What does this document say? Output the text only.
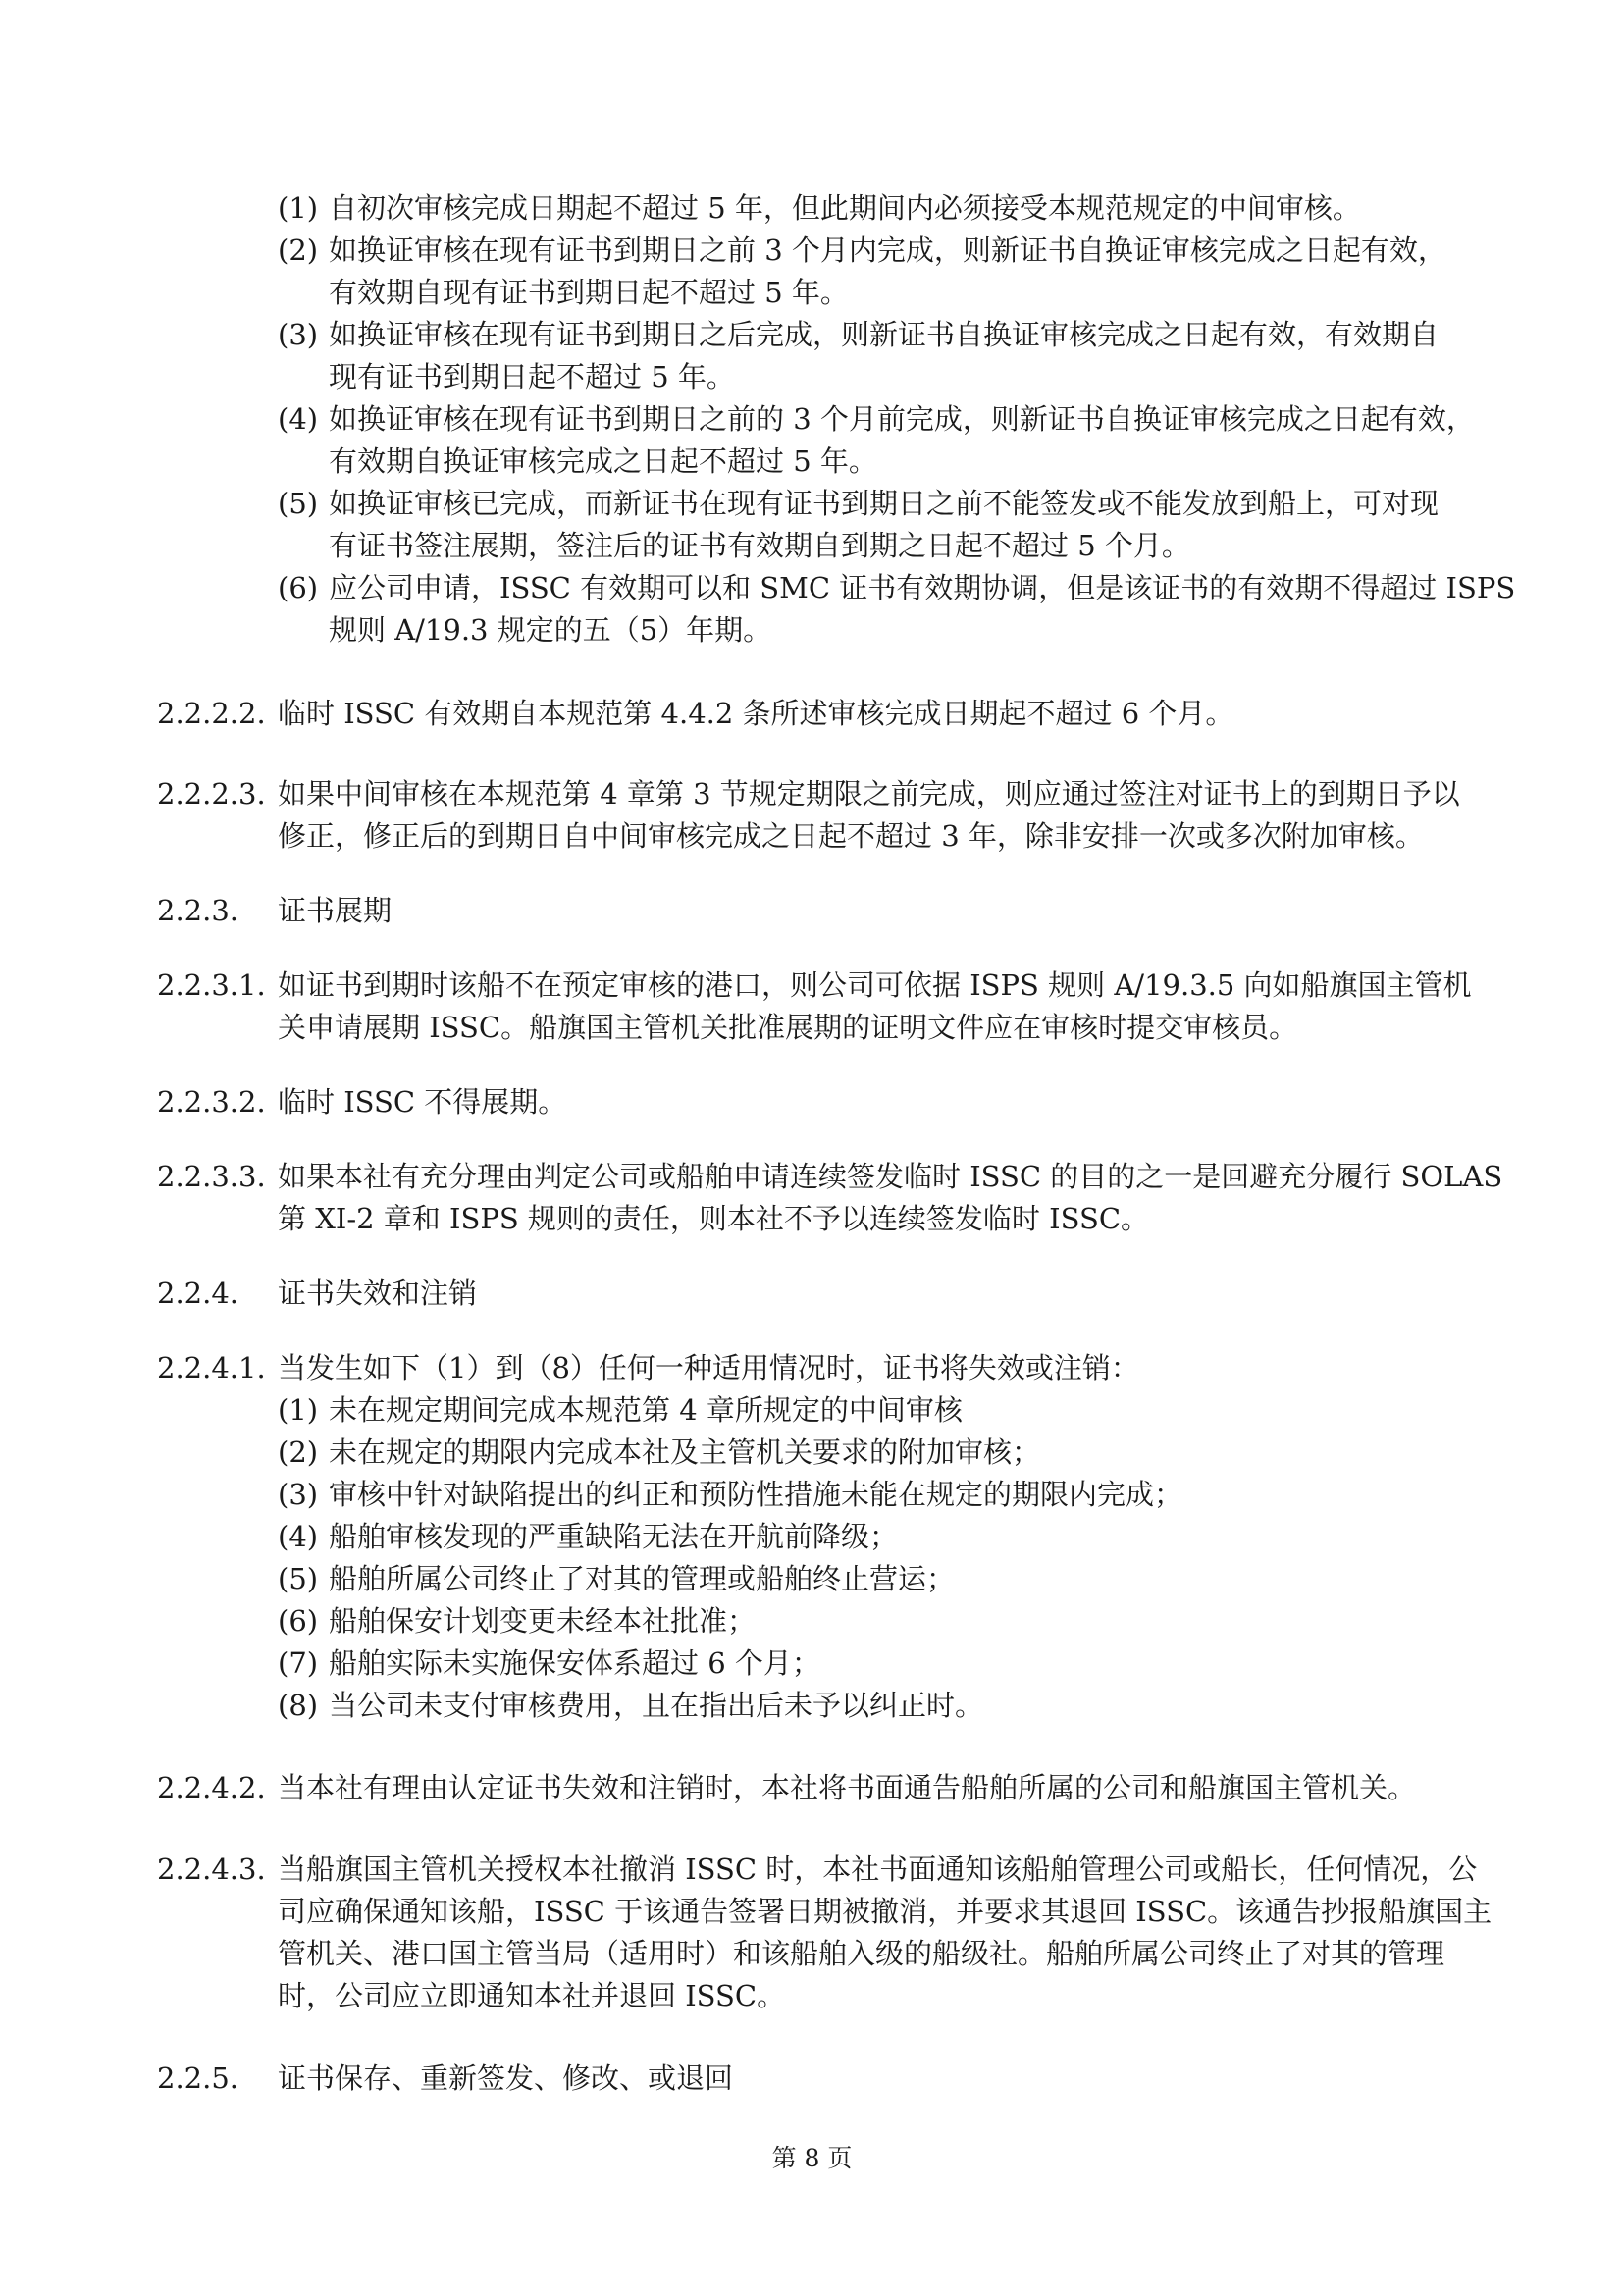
(1) 自初次审核完成日期起不超过 5 年，但此期间内必须接受本规范规定的中间审核。
(2) 如换证审核在现有证书到期日之前 3 个月内完成，则新证书自换证审核完成之日起有效，
有效期自现有证书到期日起不超过 5 年。
(3) 如换证审核在现有证书到期日之后完成，则新证书自换证审核完成之日起有效，有效期自
现有证书到期日起不超过 5 年。
(4) 如换证审核在现有证书到期日之前的 3 个月前完成，则新证书自换证审核完成之日起有效，
有效期自换证审核完成之日起不超过 5 年。
(5) 如换证审核已完成，而新证书在现有证书到期日之前不能签发或不能发放到船上，可对现
有证书签注展期，签注后的证书有效期自到期之日起不超过 5 个月。
(6) 应公司申请，ISSC 有效期可以和 SMC 证书有效期协调，但是该证书的有效期不得超过 ISPS
规则 A/19.3 规定的五（5）年期。
2.2.2.2. 临时 ISSC 有效期自本规范第 4.4.2 条所述审核完成日期起不超过 6 个月。
2.2.2.3. 如果中间审核在本规范第 4 章第 3 节规定期限之前完成，则应通过签注对证书上的到期日予以
修正，修正后的到期日自中间审核完成之日起不超过 3 年，除非安排一次或多次附加审核。
2.2.3. 证书展期
2.2.3.1. 如证书到期时该船不在预定审核的港口，则公司可依据 ISPS 规则 A/19.3.5 向如船旗国主管机
关申请展期 ISSC。船旗国主管机关批准展期的证明文件应在审核时提交审核员。
2.2.3.2. 临时 ISSC 不得展期。
2.2.3.3. 如果本社有充分理由判定公司或船舶申请连续签发临时 ISSC 的目的之一是回避充分履行 SOLAS
第 XI-2 章和 ISPS 规则的责任，则本社不予以连续签发临时 ISSC。
2.2.4. 证书失效和注销
2.2.4.1. 当发生如下（1）到（8）任何一种适用情况时，证书将失效或注销：
(1) 未在规定期间完成本规范第 4 章所规定的中间审核
(2) 未在规定的期限内完成本社及主管机关要求的附加审核；
(3) 审核中针对缺陷提出的纠正和预防性措施未能在规定的期限内完成；
(4) 船舶审核发现的严重缺陷无法在开航前降级；
(5) 船舶所属公司终止了对其的管理或船舶终止营运；
(6) 船舶保安计划变更未经本社批准；
(7) 船舶实际未实施保安体系超过 6 个月；
(8) 当公司未支付审核费用，且在指出后未予以纠正时。
2.2.4.2. 当本社有理由认定证书失效和注销时，本社将书面通告船舶所属的公司和船旗国主管机关。
2.2.4.3. 当船旗国主管机关授权本社撤消 ISSC 时，本社书面通知该船舶管理公司或船长，任何情况，公
司应确保通知该船，ISSC 于该通告签署日期被撤消，并要求其退回 ISSC。该通告抄报船旗国主
管机关、港口国主管当局（适用时）和该船舶入级的船级社。船舶所属公司终止了对其的管理
时，公司应立即通知本社并退回 ISSC。
2.2.5. 证书保存、重新签发、修改、或退回
第 8 页
